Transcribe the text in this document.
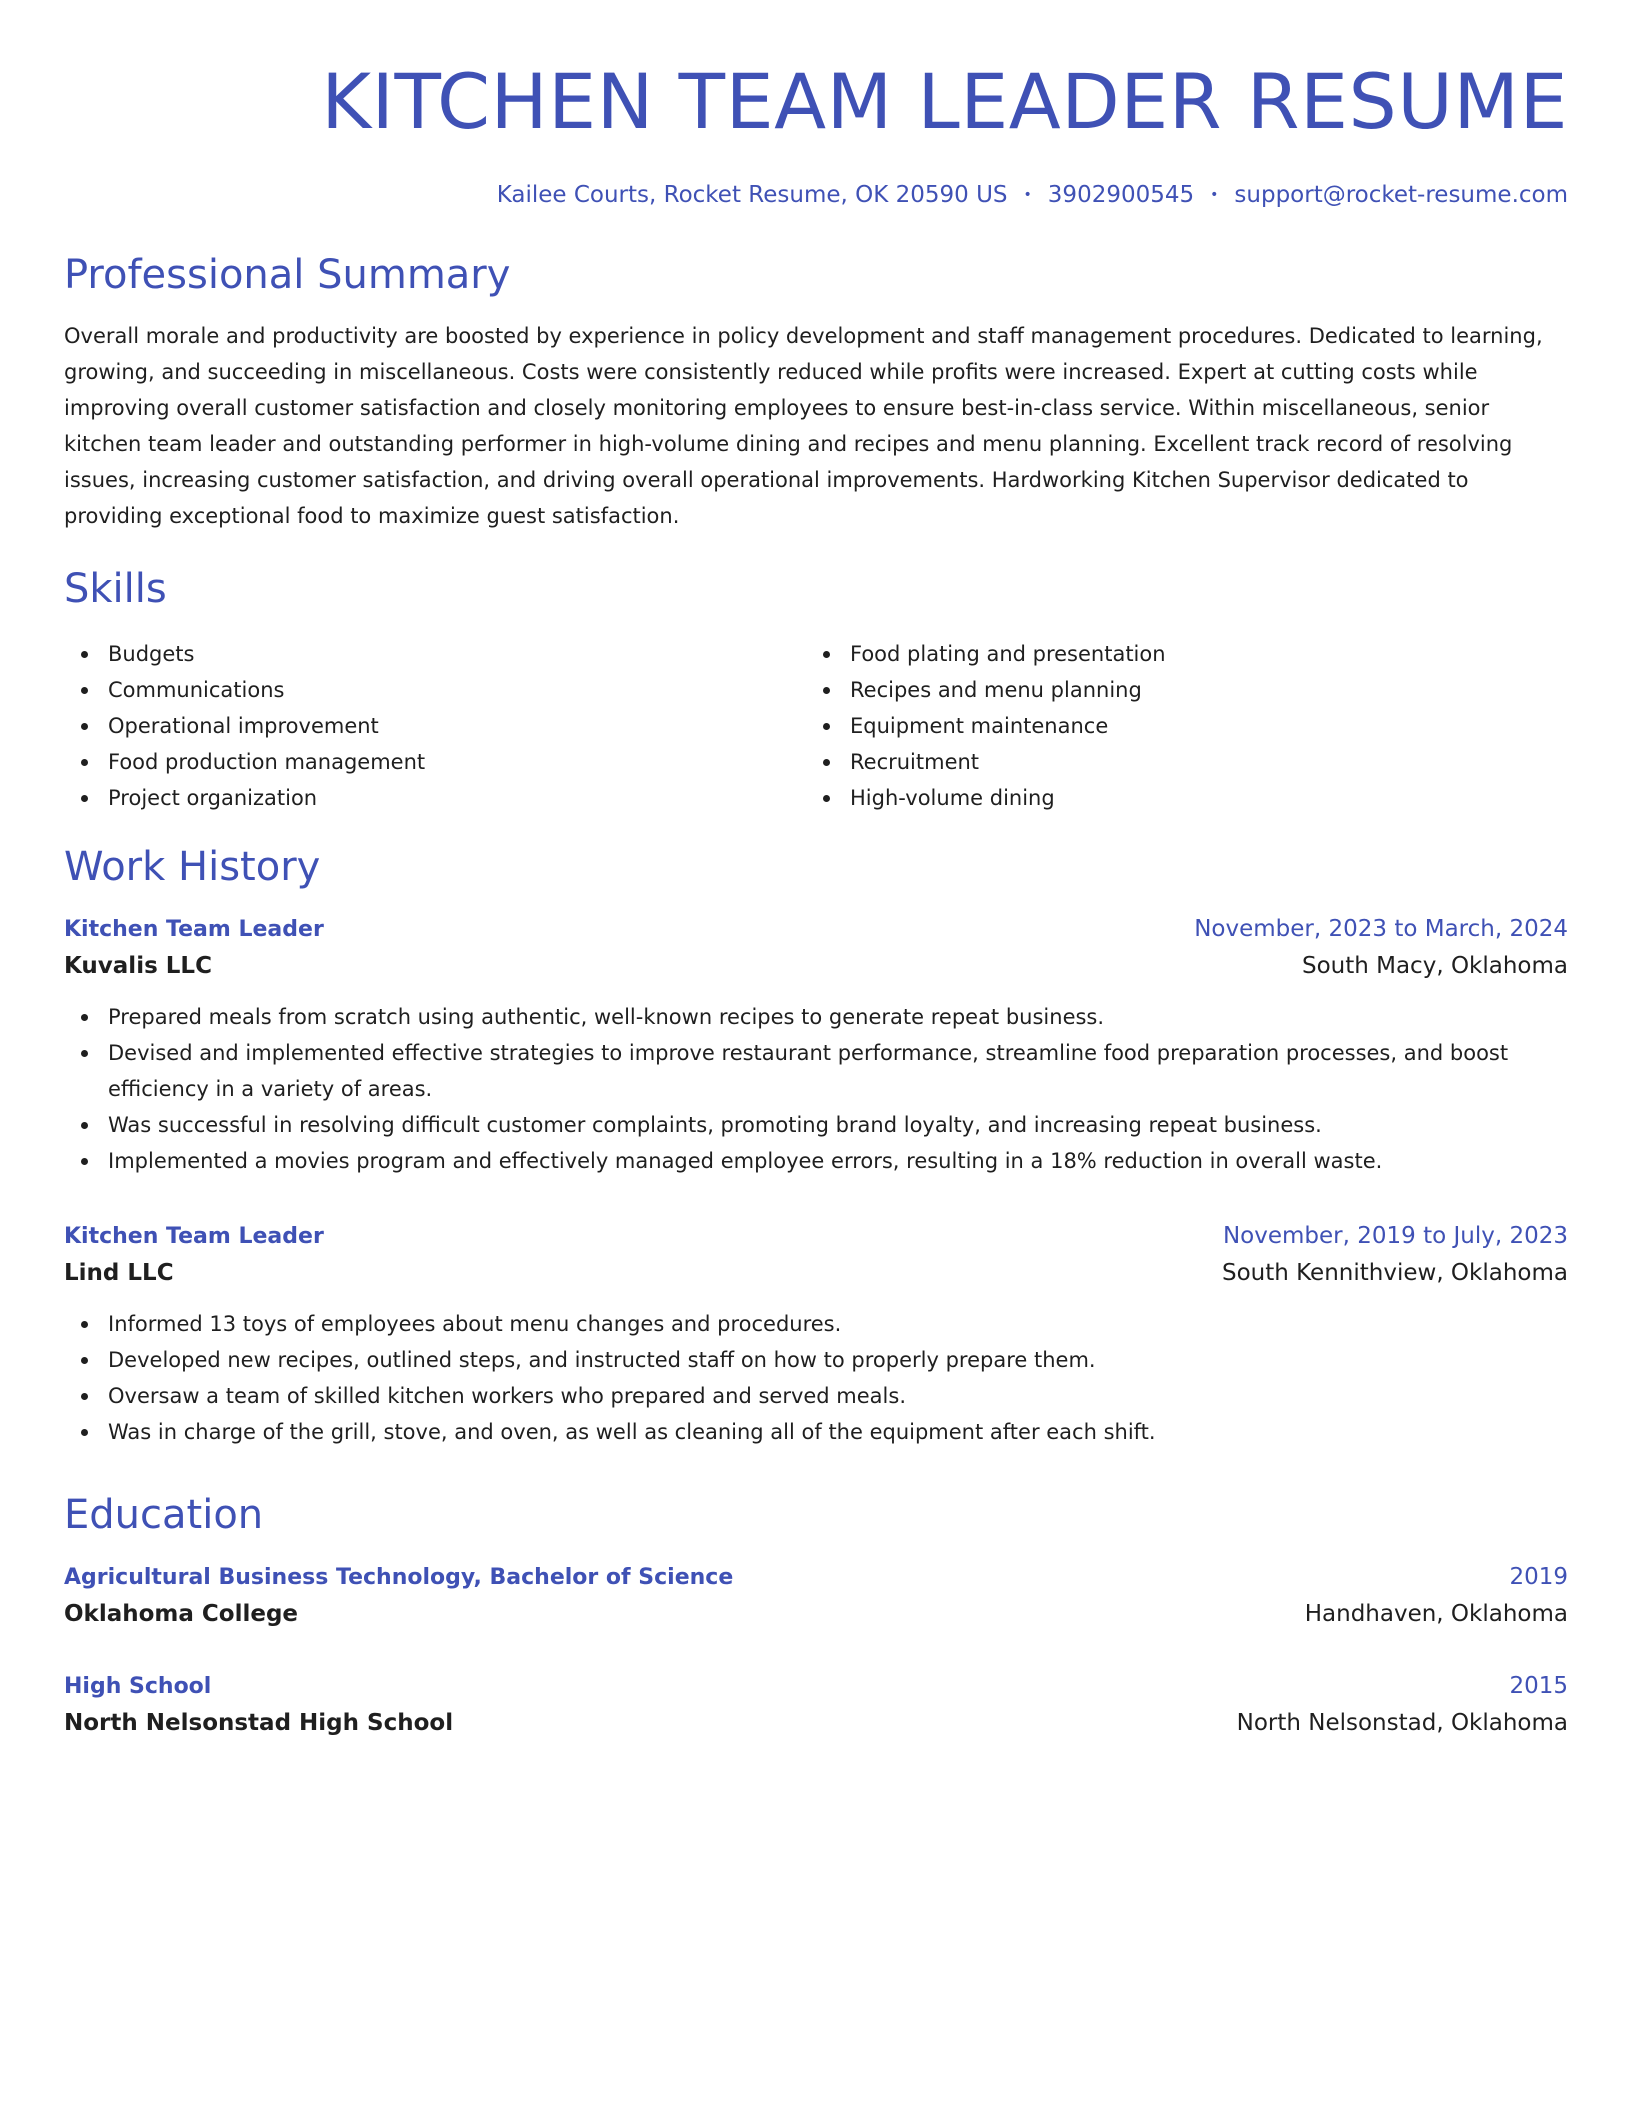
KITCHEN TEAM LEADER RESUME
Kailee Courts, Rocket Resume, OK 20590 US • 3902900545 • support@rocket-resume.com
Professional Summary
Overall morale and productivity are boosted by experience in policy development and staff management procedures. Dedicated to learning, growing, and succeeding in miscellaneous. Costs were consistently reduced while profits were increased. Expert at cutting costs while improving overall customer satisfaction and closely monitoring employees to ensure best-in-class service. Within miscellaneous, senior kitchen team leader and outstanding performer in high-volume dining and recipes and menu planning. Excellent track record of resolving issues, increasing customer satisfaction, and driving overall operational improvements. Hardworking Kitchen Supervisor dedicated to providing exceptional food to maximize guest satisfaction.
Skills
Budgets
Communications
Operational improvement
Food production management
Project organization
Food plating and presentation
Recipes and menu planning
Equipment maintenance
Recruitment
High-volume dining
Work History
Kitchen Team Leader	November, 2023 to March, 2024
Kuvalis LLC	South Macy, Oklahoma
Prepared meals from scratch using authentic, well-known recipes to generate repeat business.
Devised and implemented effective strategies to improve restaurant performance, streamline food preparation processes, and boost efficiency in a variety of areas.
Was successful in resolving difficult customer complaints, promoting brand loyalty, and increasing repeat business.
Implemented a movies program and effectively managed employee errors, resulting in a 18% reduction in overall waste.
Kitchen Team Leader	November, 2019 to July, 2023
Lind LLC	South Kennithview, Oklahoma
Informed 13 toys of employees about menu changes and procedures.
Developed new recipes, outlined steps, and instructed staff on how to properly prepare them.
Oversaw a team of skilled kitchen workers who prepared and served meals.
Was in charge of the grill, stove, and oven, as well as cleaning all of the equipment after each shift.
Education
Agricultural Business Technology, Bachelor of Science	2019
Oklahoma College	Handhaven, Oklahoma
High School	2015
North Nelsonstad High School	North Nelsonstad, Oklahoma
